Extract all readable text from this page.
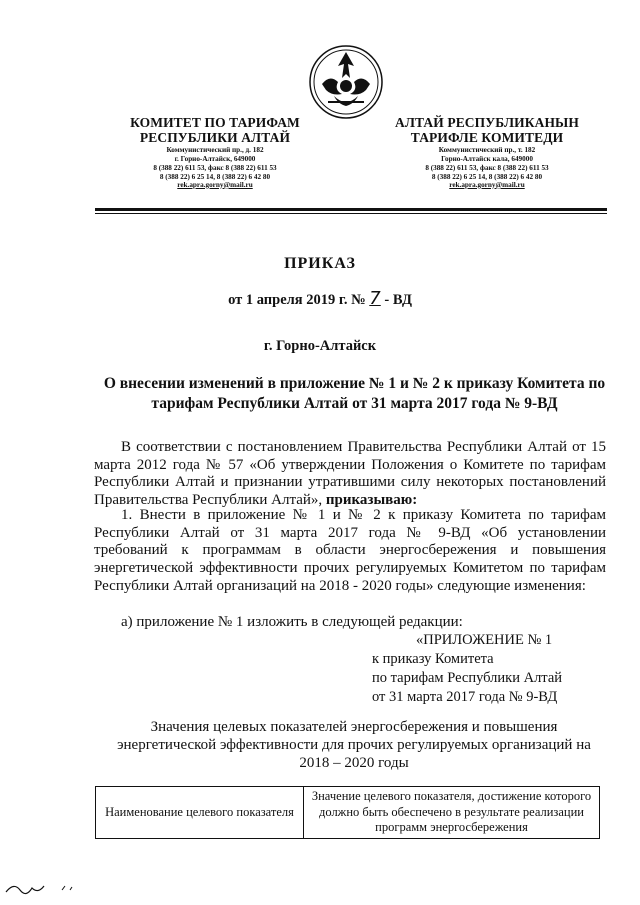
КОМИТЕТ ПО ТАРИФАМ
РЕСПУБЛИКИ АЛТАЙ
Коммунистический пр., д. 182
г. Горно-Алтайск, 649000
8 (388 22) 611 53, факс 8 (388 22) 611 53
8 (388 22) 6 25 14, 8 (388 22) 6 42 80
rek.apra.gorny@mail.ru
АЛТАЙ РЕСПУБЛИКАНЫН
ТАРИФЛЕ КОМИТЕДИ
Коммунистический пр., т. 182
Горно-Алтайск кала, 649000
8 (388 22) 611 53, факс 8 (388 22) 611 53
8 (388 22) 6 25 14, 8 (388 22) 6 42 80
rek.apra.gorny@mail.ru
ПРИКАЗ
от 1 апреля 2019 г. № 7 - ВД
г. Горно-Алтайск
О внесении изменений в приложение № 1 и № 2 к приказу Комитета по тарифам Республики Алтай от 31 марта 2017 года № 9-ВД
В соответствии с постановлением Правительства Республики Алтай от 15 марта 2012 года № 57 «Об утверждении Положения о Комитете по тарифам Республики Алтай и признании утратившими силу некоторых постановлений Правительства Республики Алтай», приказываю:
1. Внести в приложение № 1 и № 2 к приказу Комитета по тарифам Республики Алтай от 31 марта 2017 года № 9-ВД «Об установлении требований к программам в области энергосбережения и повышения энергетической эффективности прочих регулируемых Комитетом по тарифам Республики Алтай организаций на 2018 - 2020 годы» следующие изменения:
а) приложение № 1 изложить в следующей редакции:
«ПРИЛОЖЕНИЕ № 1
к приказу Комитета
по тарифам Республики Алтай
от 31 марта 2017 года № 9-ВД
Значения целевых показателей энергосбережения и повышения энергетической эффективности для прочих регулируемых организаций на 2018 – 2020 годы
Наименование целевого показателя	Значение целевого показателя, достижение которого должно быть обеспечено в результате реализации программ энергосбережения
